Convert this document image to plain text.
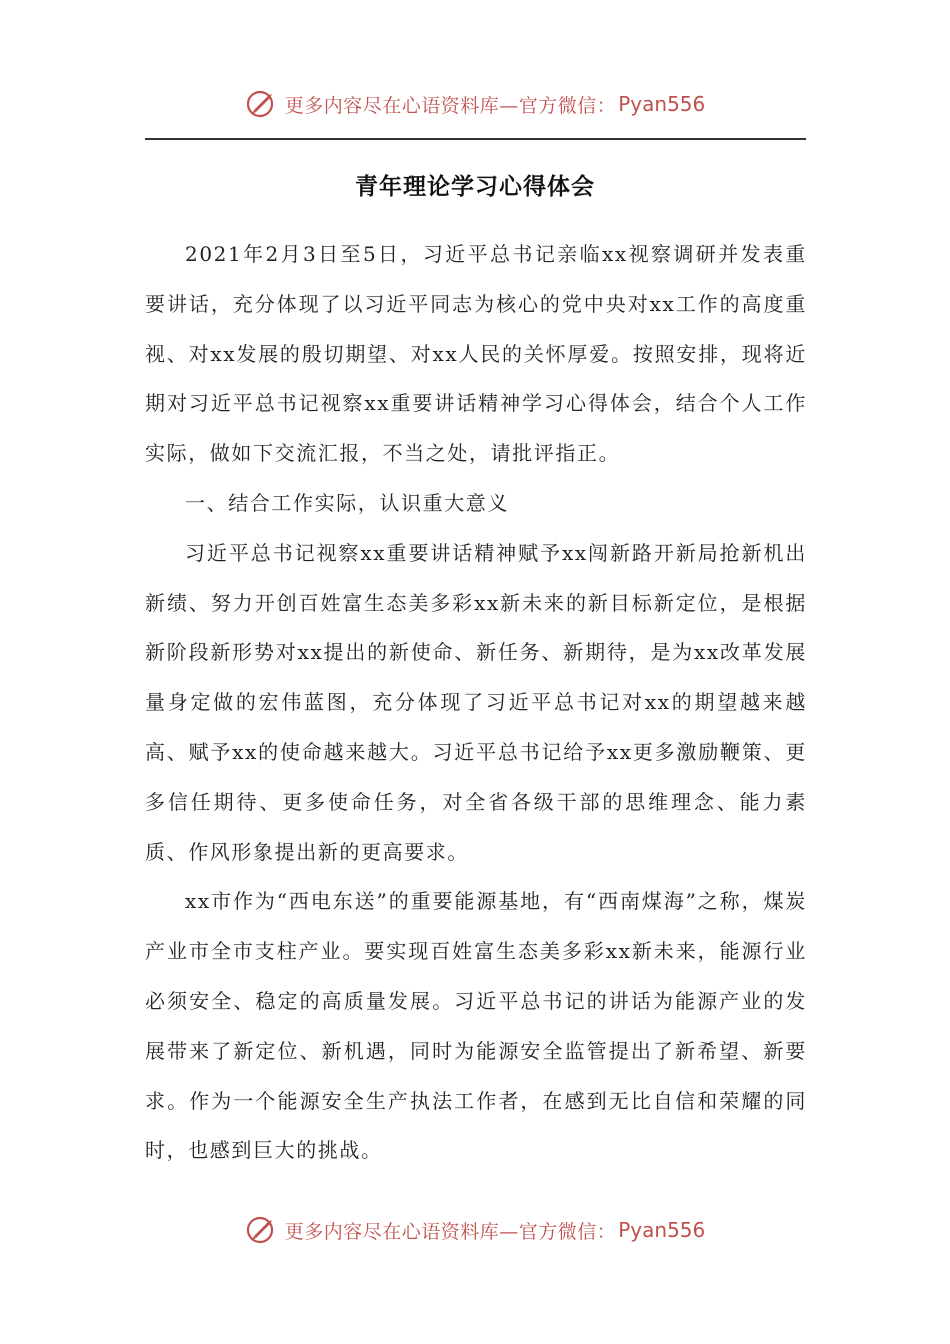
更多内容尽在心语资料库—官方微信： Pyan556
青年理论学习心得体会

2021年2月3日至5日，习近平总书记亲临xx视察调研并发表重要讲话，充分体现了以习近平同志为核心的党中央对xx工作的高度重视、对xx发展的殷切期望、对xx人民的关怀厚爱。按照安排，现将近期对习近平总书记视察xx重要讲话精神学习心得体会，结合个人工作实际，做如下交流汇报，不当之处，请批评指正。

一、结合工作实际，认识重大意义

习近平总书记视察xx重要讲话精神赋予xx闯新路开新局抢新机出新绩、努力开创百姓富生态美多彩xx新未来的新目标新定位，是根据新阶段新形势对xx提出的新使命、新任务、新期待，是为xx改革发展量身定做的宏伟蓝图，充分体现了习近平总书记对xx的期望越来越高、赋予xx的使命越来越大。习近平总书记给予xx更多激励鞭策、更多信任期待、更多使命任务，对全省各级干部的思维理念、能力素质、作风形象提出新的更高要求。

xx市作为“西电东送”的重要能源基地，有“西南煤海”之称，煤炭产业市全市支柱产业。要实现百姓富生态美多彩xx新未来，能源行业必须安全、稳定的高质量发展。习近平总书记的讲话为能源产业的发展带来了新定位、新机遇，同时为能源安全监管提出了新希望、新要求。作为一个能源安全生产执法工作者，在感到无比自信和荣耀的同时，也感到巨大的挑战。

更多内容尽在心语资料库—官方微信： Pyan556
